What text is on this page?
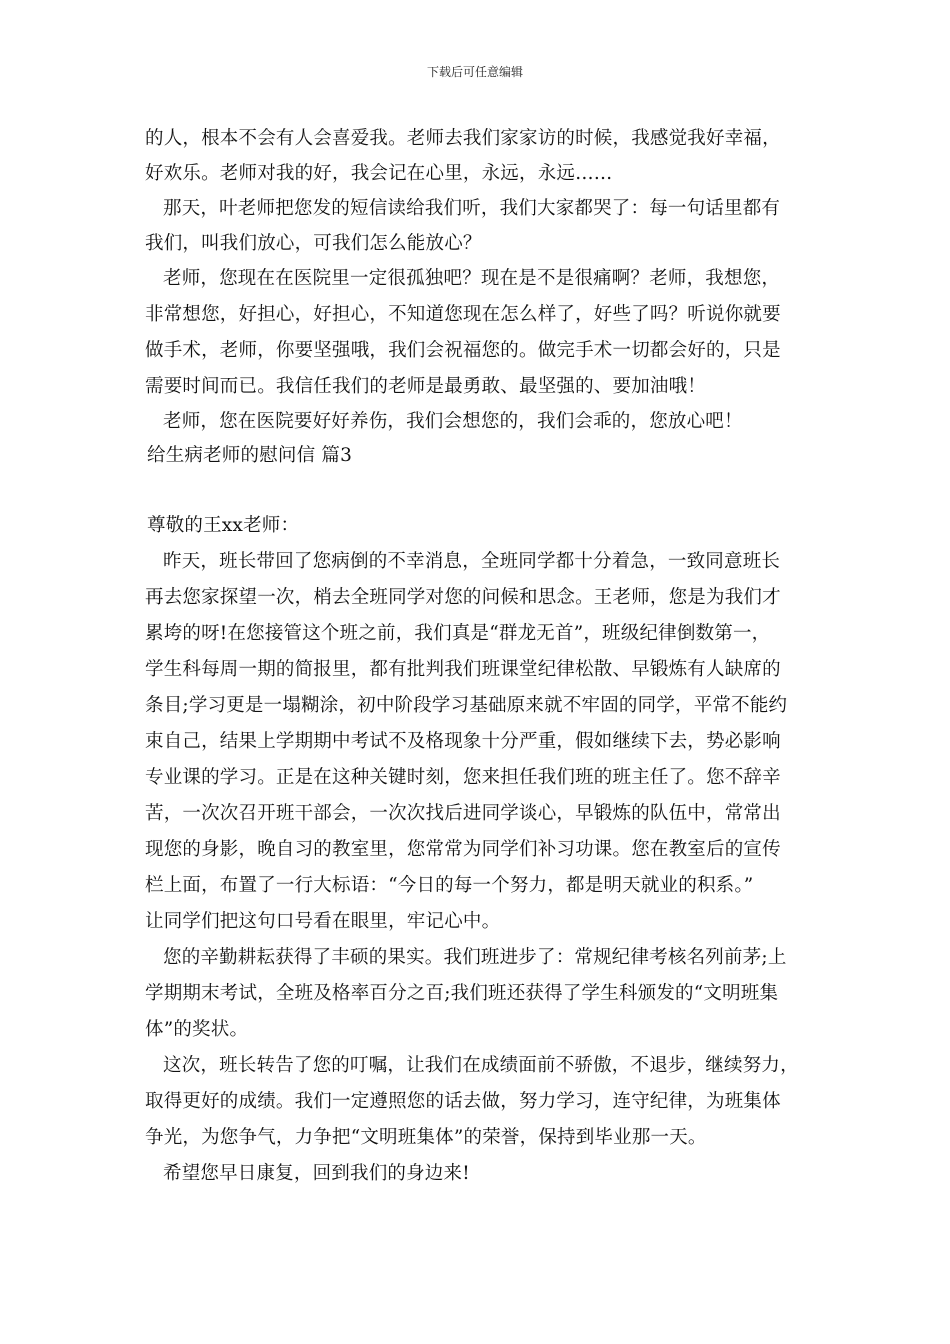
下载后可任意编辑
的人，根本不会有人会喜爱我。老师去我们家家访的时候，我感觉我好幸福，
好欢乐。老师对我的好，我会记在心里，永远，永远……
那天，叶老师把您发的短信读给我们听，我们大家都哭了：每一句话里都有
我们，叫我们放心，可我们怎么能放心？
老师，您现在在医院里一定很孤独吧？现在是不是很痛啊？老师，我想您，
非常想您，好担心，好担心，不知道您现在怎么样了，好些了吗？听说你就要
做手术，老师，你要坚强哦，我们会祝福您的。做完手术一切都会好的，只是
需要时间而已。我信任我们的老师是最勇敢、最坚强的、要加油哦！
老师，您在医院要好好养伤，我们会想您的，我们会乖的，您放心吧！
给生病老师的慰问信 篇3
尊敬的王xx老师：
昨天，班长带回了您病倒的不幸消息，全班同学都十分着急，一致同意班长
再去您家探望一次，梢去全班同学对您的问候和思念。王老师，您是为我们才
累垮的呀!在您接管这个班之前，我们真是“群龙无首”，班级纪律倒数第一，
学生科每周一期的简报里，都有批判我们班课堂纪律松散、早锻炼有人缺席的
条目;学习更是一塌糊涂，初中阶段学习基础原来就不牢固的同学，平常不能约
束自己，结果上学期期中考试不及格现象十分严重，假如继续下去，势必影响
专业课的学习。正是在这种关键时刻，您来担任我们班的班主任了。您不辞辛
苦，一次次召开班干部会，一次次找后进同学谈心，早锻炼的队伍中，常常出
现您的身影，晚自习的教室里，您常常为同学们补习功课。您在教室后的宣传
栏上面，布置了一行大标语：“今日的每一个努力，都是明天就业的积系。”
让同学们把这句口号看在眼里，牢记心中。
您的辛勤耕耘获得了丰硕的果实。我们班进步了：常规纪律考核名列前茅;上
学期期末考试，全班及格率百分之百;我们班还获得了学生科颁发的“文明班集
体”的奖状。
这次，班长转告了您的叮嘱，让我们在成绩面前不骄傲，不退步，继续努力，
取得更好的成绩。我们一定遵照您的话去做，努力学习，连守纪律，为班集体
争光，为您争气，力争把“文明班集体”的荣誉，保持到毕业那一天。
希望您早日康复，回到我们的身边来!
